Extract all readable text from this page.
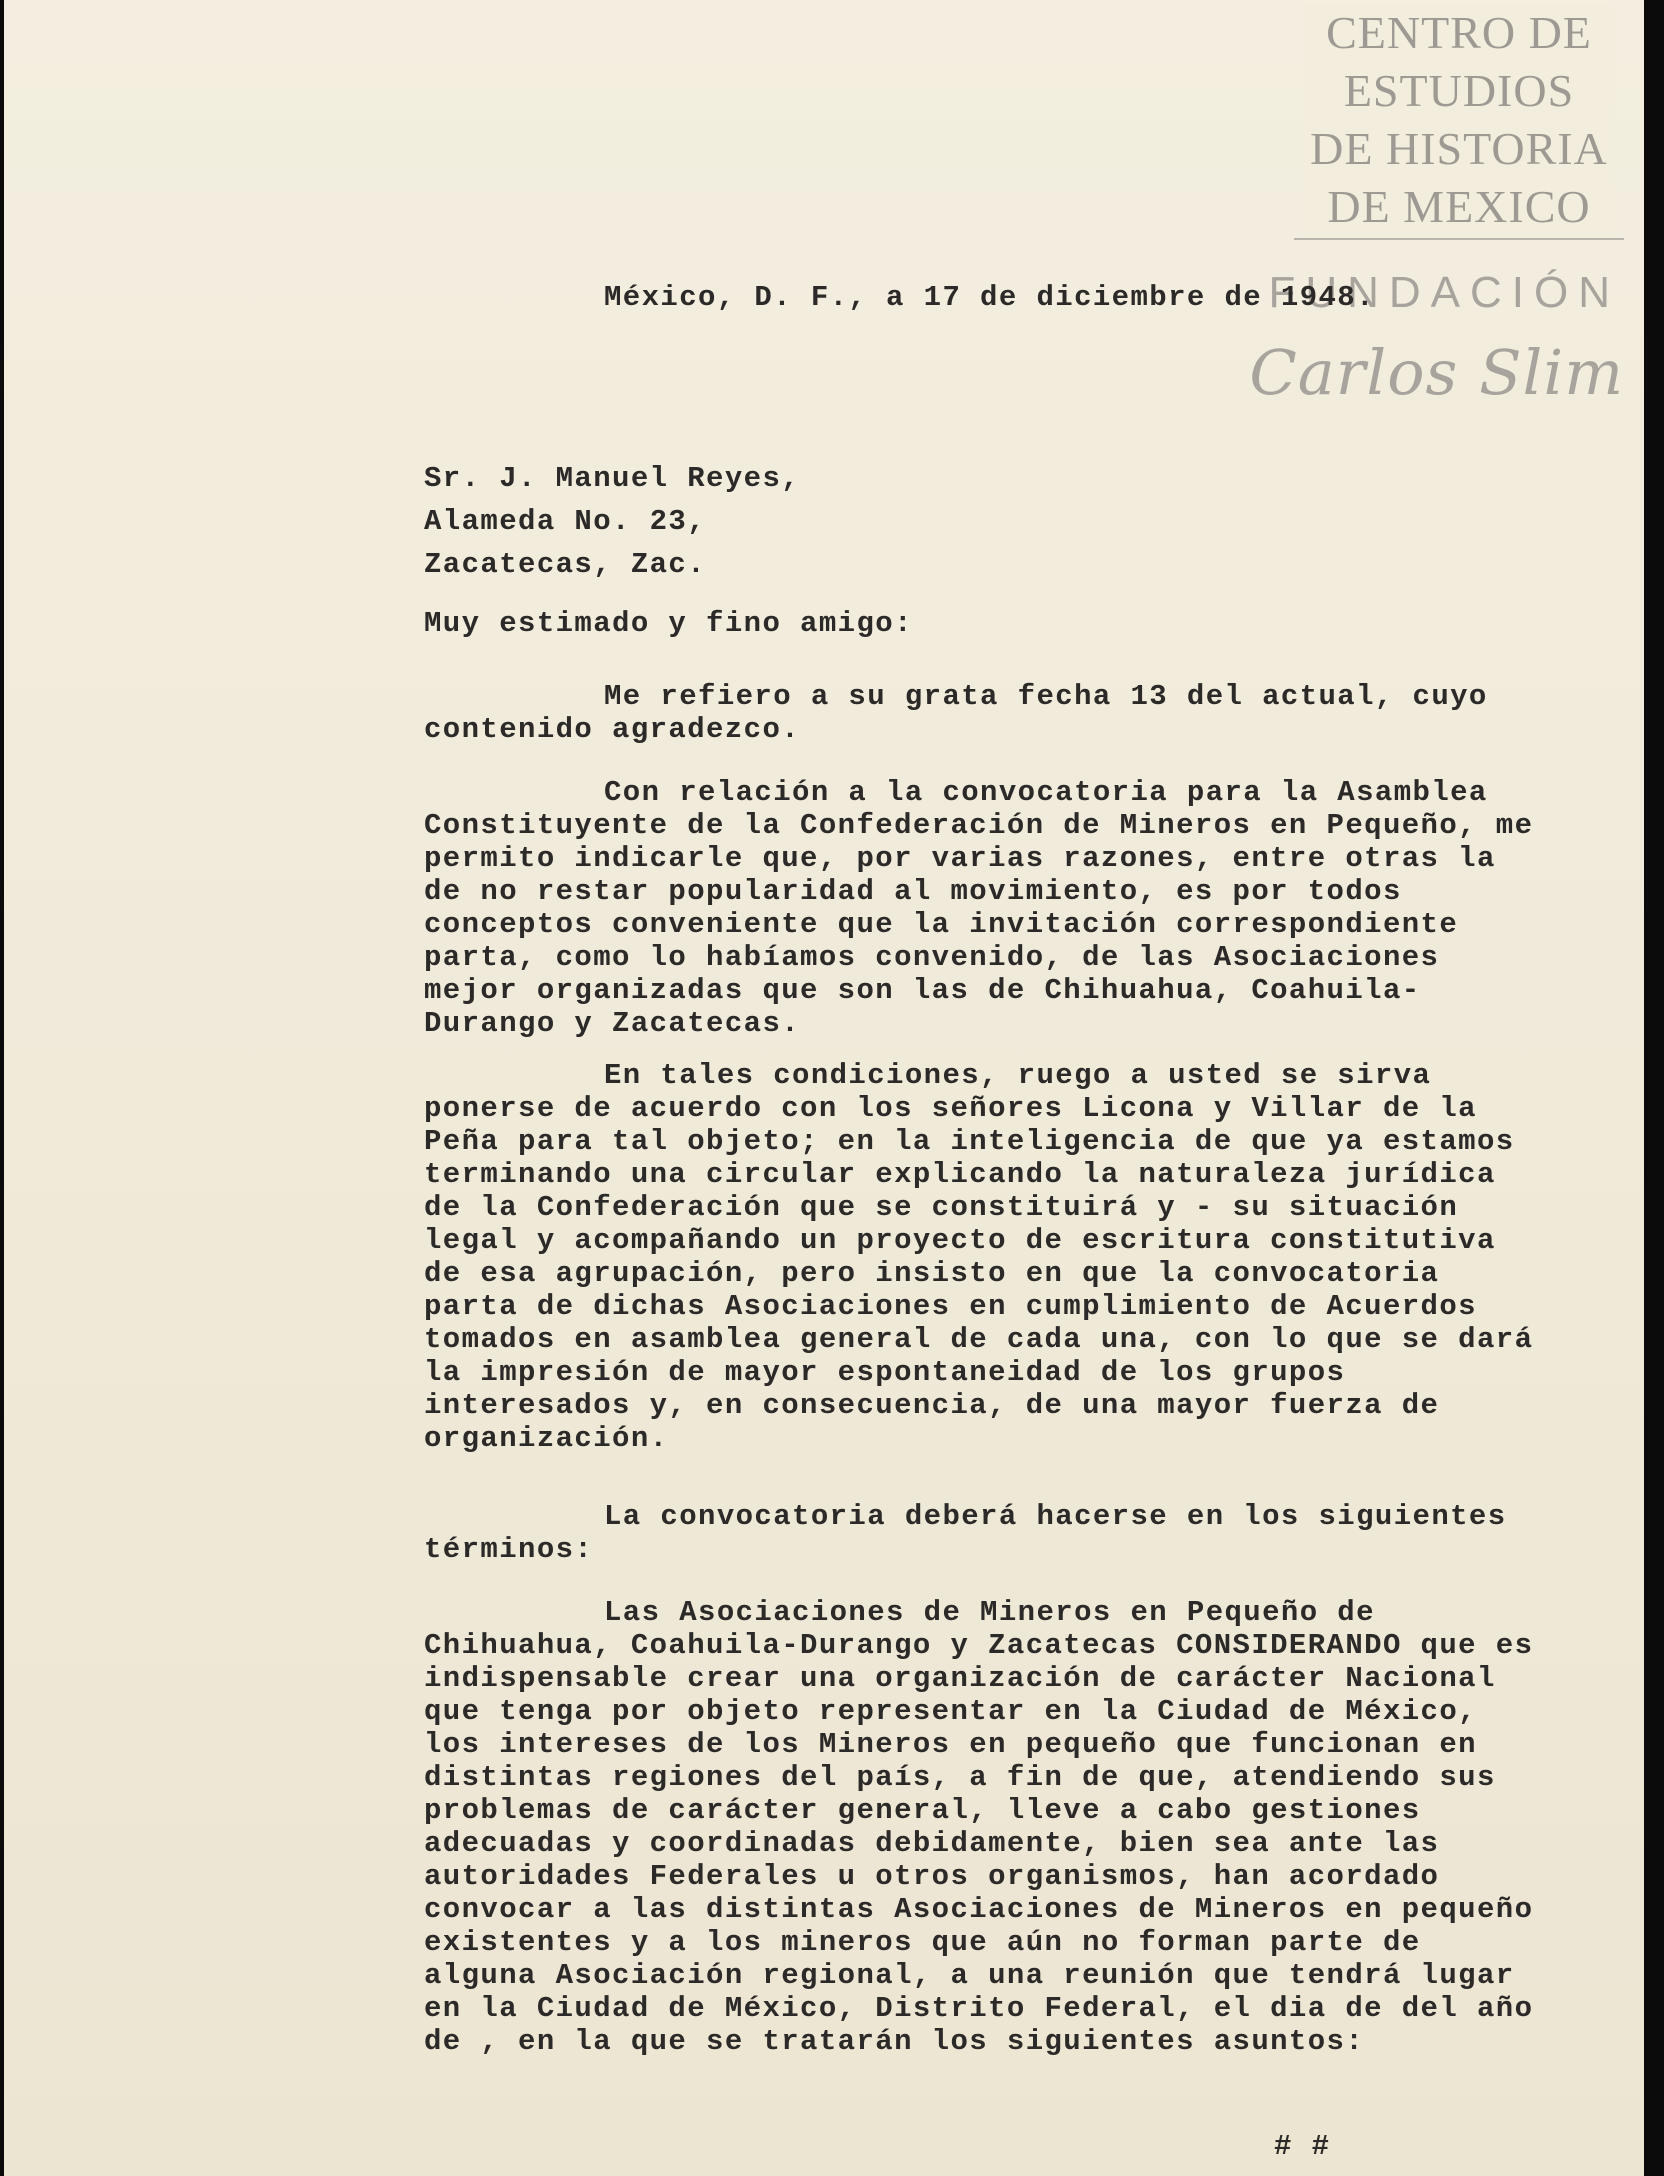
CENTRO DE
ESTUDIOS
DE HISTORIA
DE MEXICO
FUNDACIÓN
Carlos Slim
México, D. F., a 17 de diciembre de 1948.
Sr. J. Manuel Reyes,
Alameda No. 23,
Zacatecas, Zac.
Muy estimado y fino amigo:

Me refiero a su grata fecha 13 del actual, cuyo contenido agradezco.

Con relación a la convocatoria para la Asamblea Constituyente de la Confederación de Mineros en Pequeño, me permito indicarle que, por varias razones, entre otras la de no restar popularidad al movimiento, es por todos conceptos conveniente que la invitación correspondiente parta, como lo habíamos convenido, de las Asociaciones mejor organizadas que son las de Chihuahua, Coahuila-Durango y Zacatecas.

En tales condiciones, ruego a usted se sirva ponerse de acuerdo con los señores Licona y Villar de la Peña para tal objeto; en la inteligencia de que ya estamos terminando una circular explicando la naturaleza jurídica de la Confederación que se constituirá y - su situación legal y acompañando un proyecto de escritura constitutiva de esa agrupación, pero insisto en que la convocatoria parta de dichas Asociaciones en cumplimiento de Acuerdos tomados en asamblea general de cada una, con lo que se dará la impresión de mayor espontaneidad de los grupos interesados y, en consecuencia, de una mayor fuerza de organización.

La convocatoria deberá hacerse en los siguientes términos:

Las Asociaciones de Mineros en Pequeño de Chihuahua, Coahuila-Durango y Zacatecas CONSIDERANDO que es indispensable crear una organización de carácter Nacional que tenga por objeto representar en la Ciudad de México, los intereses de los Mineros en pequeño que funcionan en distintas regiones del país, a fin de que, atendiendo sus problemas de carácter general, lleve a cabo gestiones adecuadas y coordinadas debidamente, bien sea ante las autoridades Federales u otros organismos, han acordado convocar a las distintas Asociaciones de Mineros en pequeño existentes y a los mineros que aún no forman parte de alguna Asociación regional, a una reunión que tendrá lugar en la Ciudad de México, Distrito Federal, el dia de del año de , en la que se tratarán los siguientes asuntos:

# #
